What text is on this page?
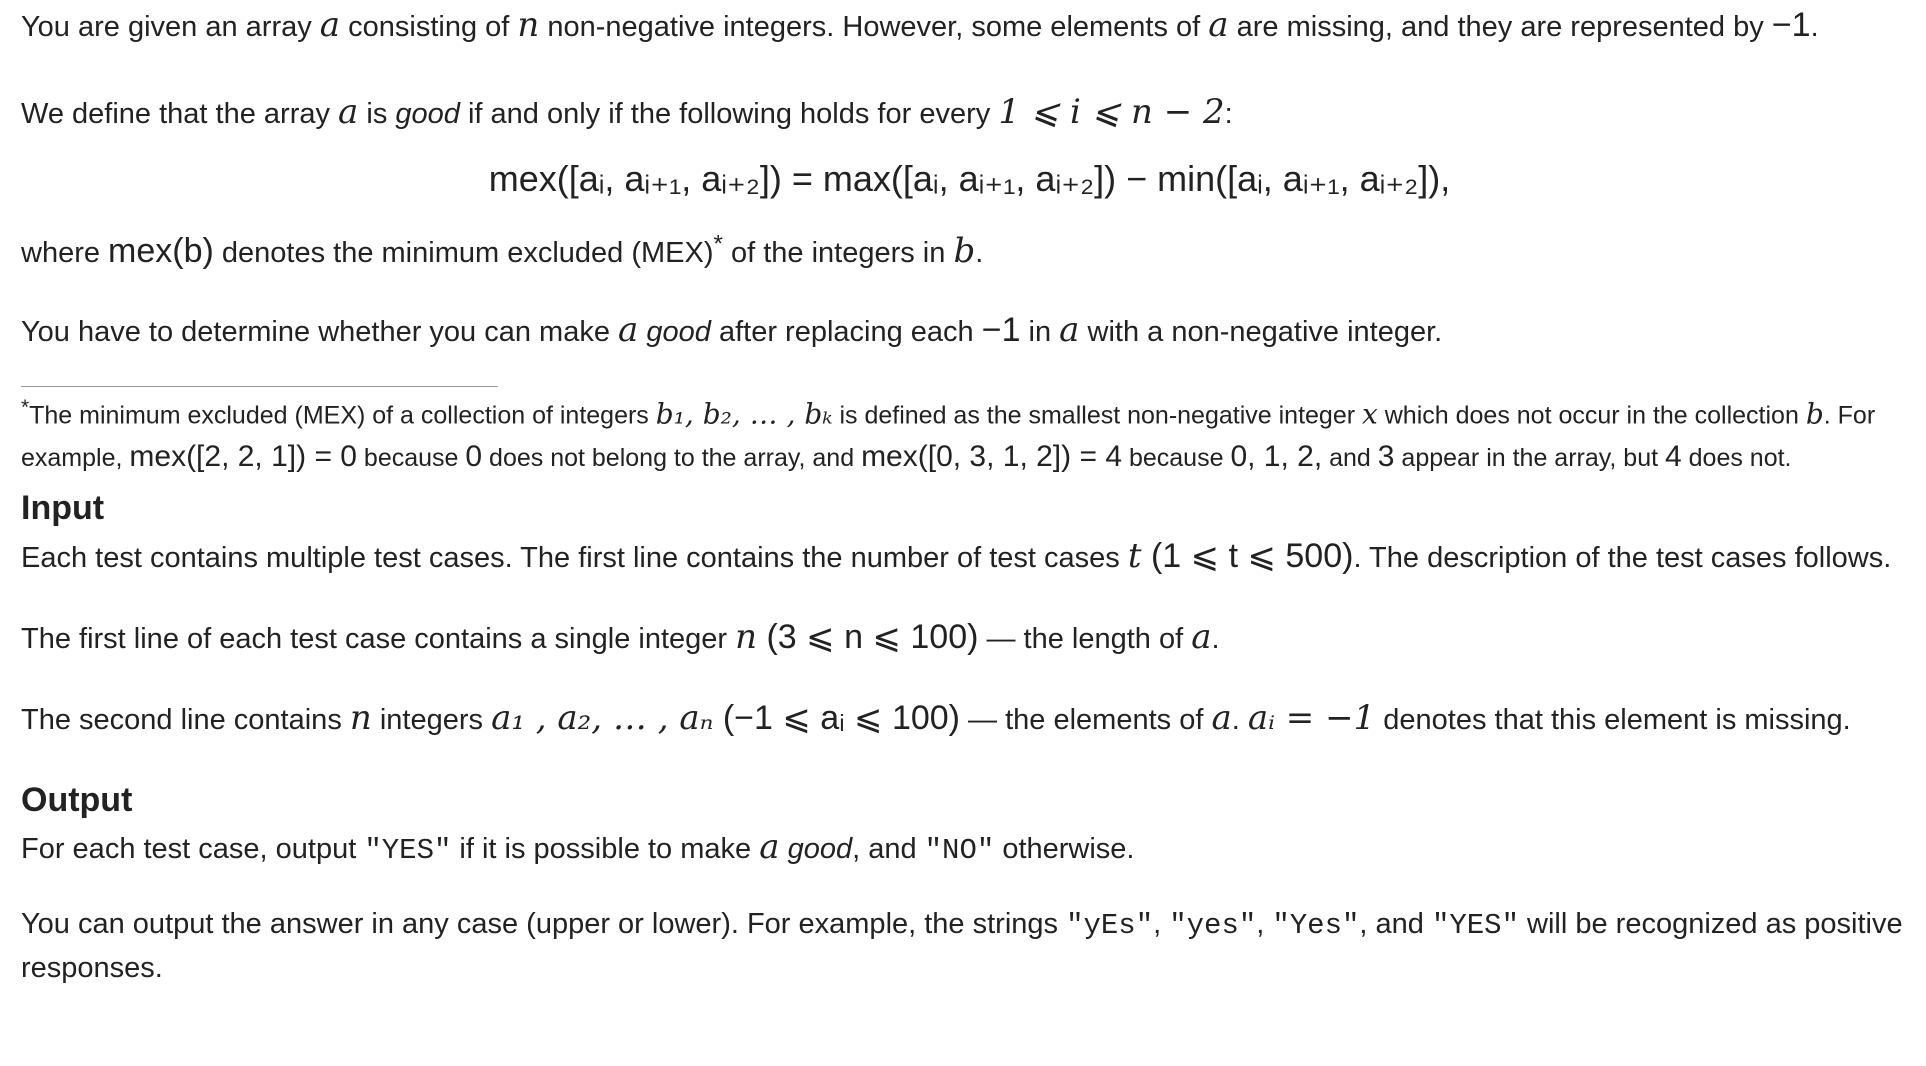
You are given an array a consisting of n non-negative integers. However, some elements of a are missing, and they are represented by −1.

We define that the array a is good if and only if the following holds for every 1 ⩽ i ⩽ n − 2:

mex([aᵢ, aᵢ₊₁, aᵢ₊₂]) = max([aᵢ, aᵢ₊₁, aᵢ₊₂]) − min([aᵢ, aᵢ₊₁, aᵢ₊₂]),

where mex(b) denotes the minimum excluded (MEX)* of the integers in b.

You have to determine whether you can make a good after replacing each −1 in a with a non-negative integer.

*The minimum excluded (MEX) of a collection of integers b₁, b₂, … , bₖ is defined as the smallest non-negative integer x which does not occur in the collection b. For example, mex([2, 2, 1]) = 0 because 0 does not belong to the array, and mex([0, 3, 1, 2]) = 4 because 0, 1, 2, and 3 appear in the array, but 4 does not.

Input

Each test contains multiple test cases. The first line contains the number of test cases t (1 ⩽ t ⩽ 500). The description of the test cases follows.

The first line of each test case contains a single integer n (3 ⩽ n ⩽ 100) — the length of a.

The second line contains n integers a₁ , a₂, … , aₙ (−1 ⩽ aᵢ ⩽ 100) — the elements of a. aᵢ = −1 denotes that this element is missing.

Output

For each test case, output "YES" if it is possible to make a good, and "NO" otherwise.

You can output the answer in any case (upper or lower). For example, the strings "yEs", "yes", "Yes", and "YES" will be recognized as positive responses.
